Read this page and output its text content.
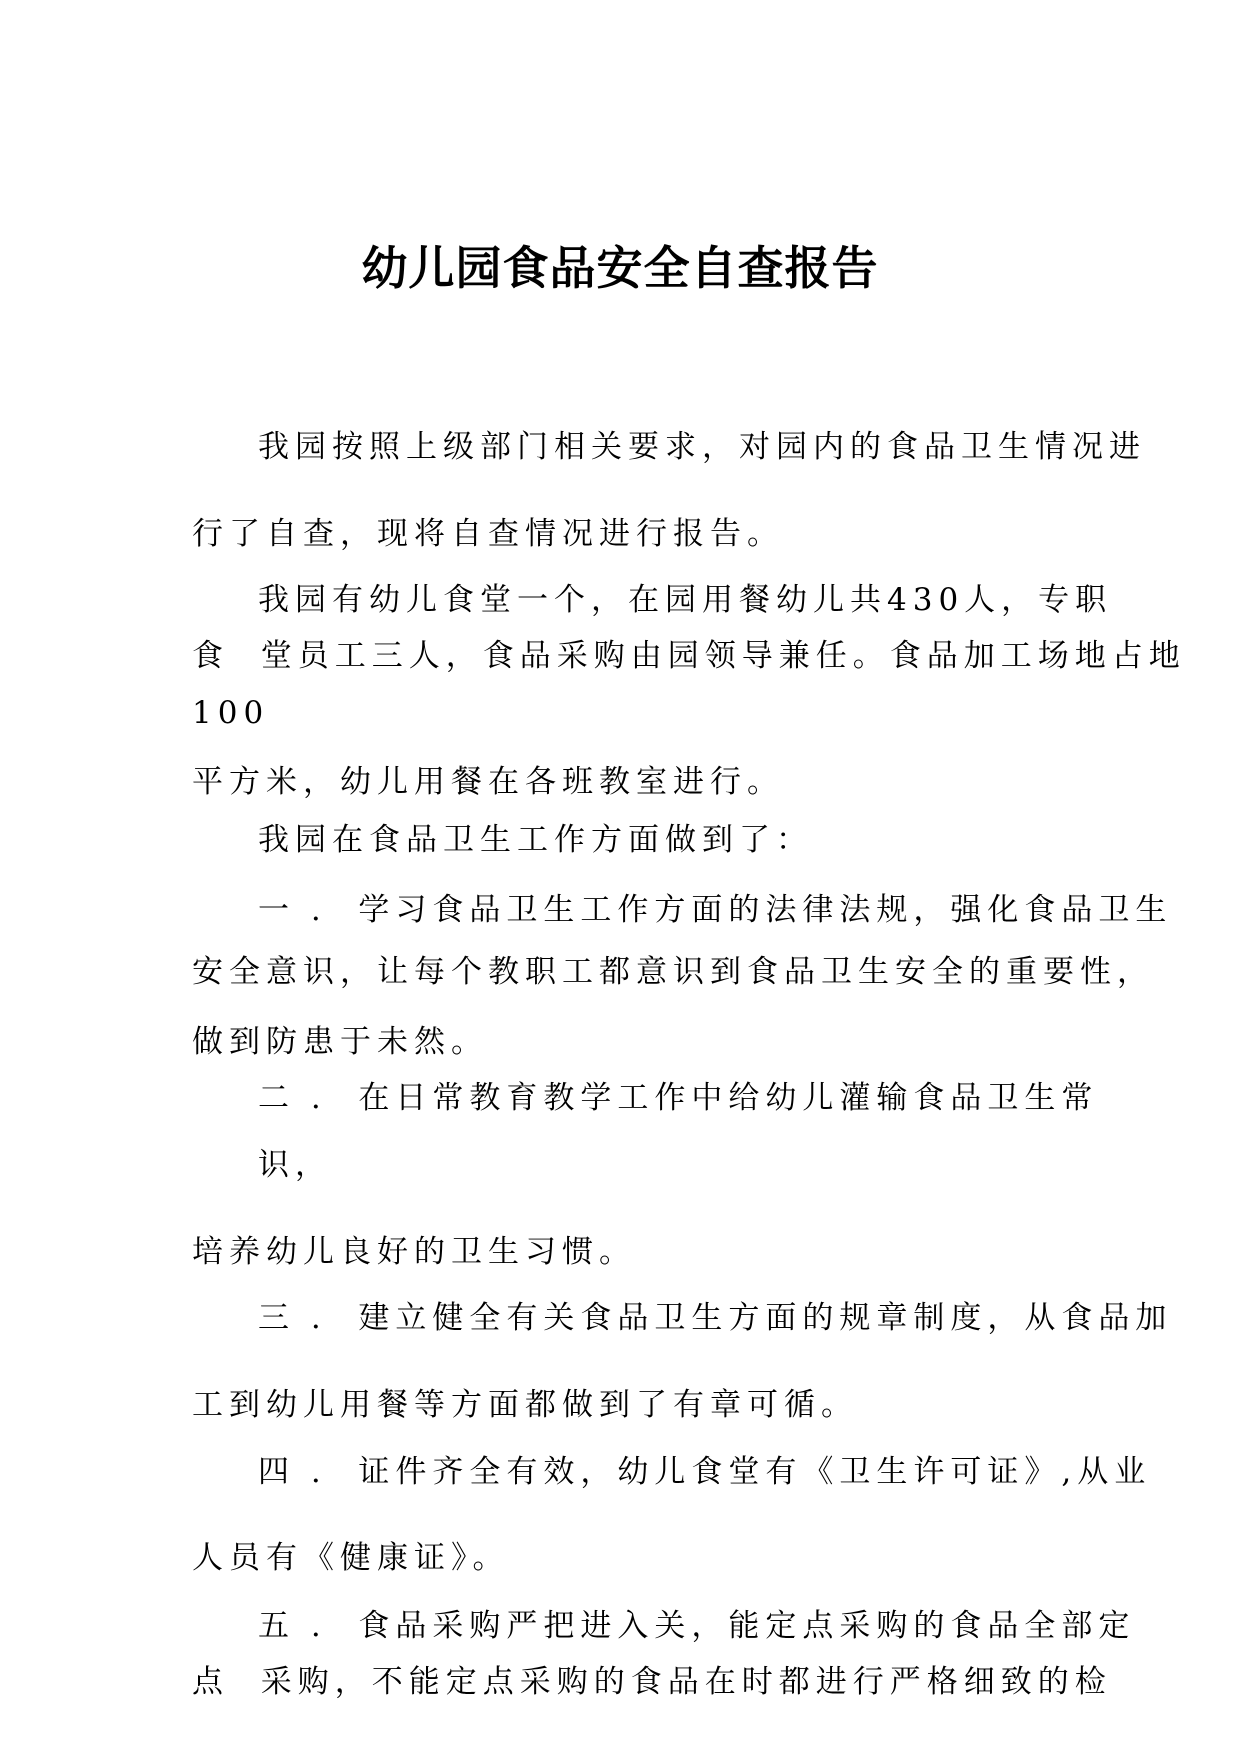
幼儿园食品安全自查报告

我园按照上级部门相关要求，对园内的食品卫生情况进

行了自查，现将自查情况进行报告。

我园有幼儿食堂一个，在园用餐幼儿共430人，专职

食  堂员工三人，食品采购由园领导兼任。食品加工场地占地

100

平方米，幼儿用餐在各班教室进行。

我园在食品卫生工作方面做到了：

一 .  学习食品卫生工作方面的法律法规，强化食品卫生

安全意识，让每个教职工都意识到食品卫生安全的重要性，

做到防患于未然。

二 .  在日常教育教学工作中给幼儿灌输食品卫生常

识，

培养幼儿良好的卫生习惯。

三 .  建立健全有关食品卫生方面的规章制度，从食品加

工到幼儿用餐等方面都做到了有章可循。

四 .  证件齐全有效，幼儿食堂有《卫生许可证》,从业

人员有《健康证》。

五 .  食品采购严把进入关，能定点采购的食品全部定

点  采购，不能定点采购的食品在时都进行严格细致的检
